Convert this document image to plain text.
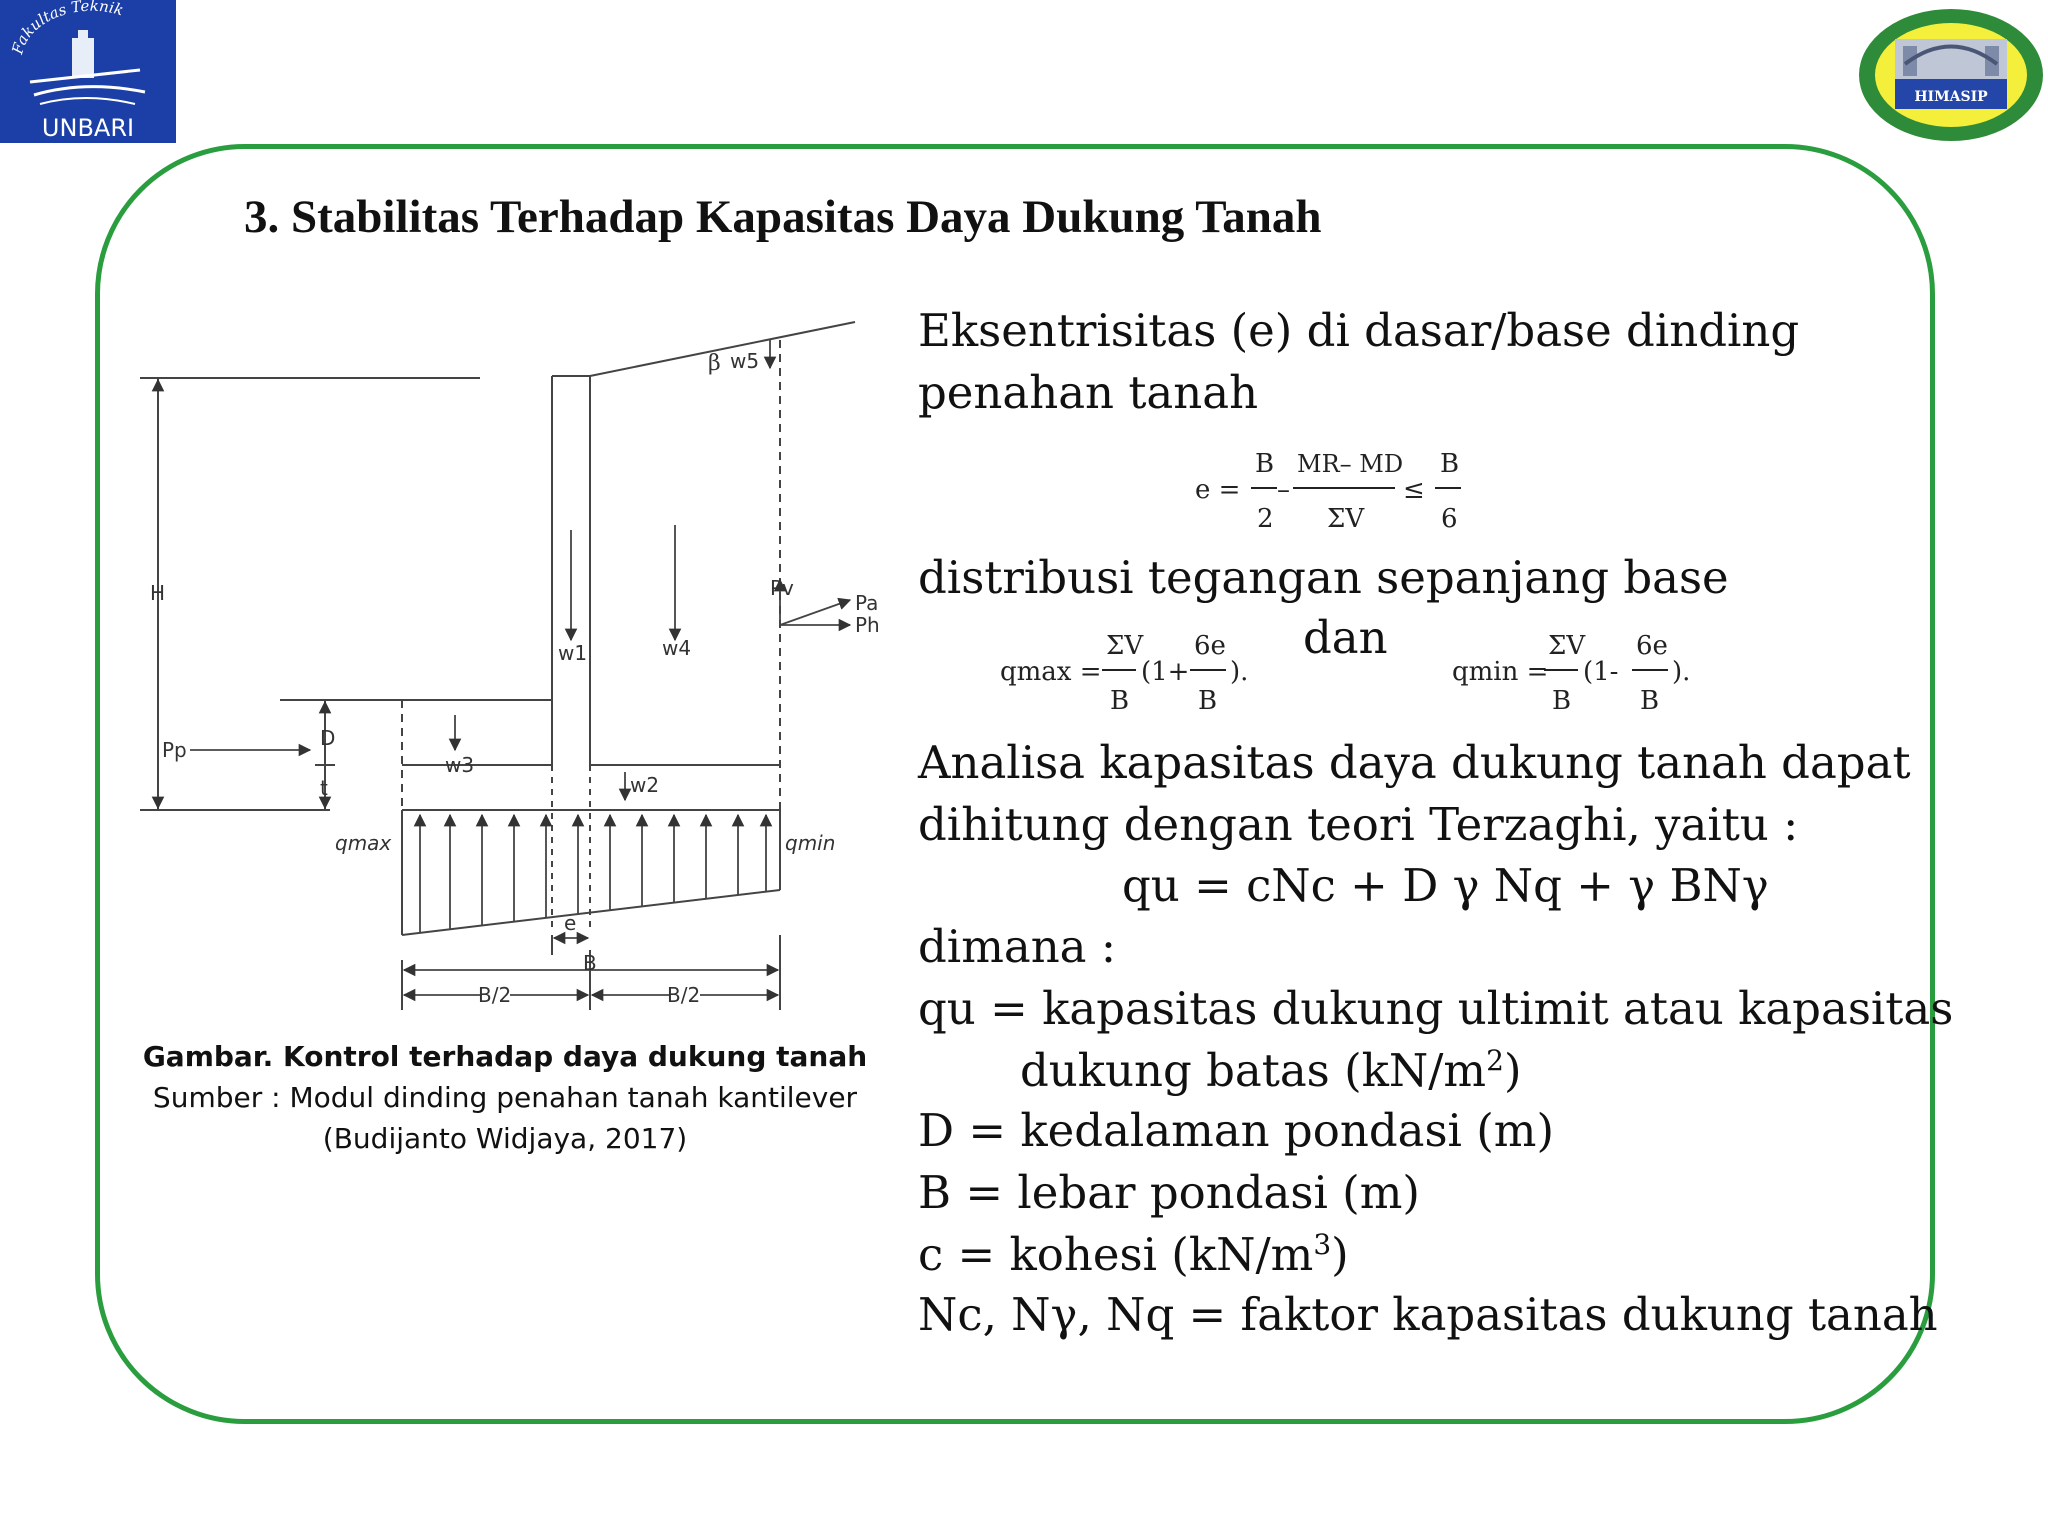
Fakultas Teknik
UNBARI
HIMASIP
3. Stabilitas Terhadap Kapasitas Daya Dukung Tanah
β w5
H	Pv
Pa
Ph
w1	w4
D
Pp
w3
w2
t
qmax	qmin
e
B
B/2	B/2
Gambar. Kontrol terhadap daya dukung tanah
Sumber : Modul dinding penahan tanah kantilever
(Budijanto Widjaya, 2017)
Eksentrisitas (e) di dasar/base dinding
penahan tanah
e =
B
2
–
MR– MD
ΣV
≤
B
6
distribusi tegangan sepanjang base
dan
qmax =
ΣV
B
(1+
6e
B
).	qmin =
ΣV
B
(1-
6e
B
).
Analisa kapasitas daya dukung tanah dapat
dihitung dengan teori Terzaghi, yaitu :
qu = cNc + D γ Nq + γ BNγ
dimana :
qu = kapasitas dukung ultimit atau kapasitas
dukung batas $(kN/m^2)$
D = kedalaman pondasi (m)
B = lebar pondasi (m)
c = kohesi $(kN/m^3)$
Nc, Nγ, Nq = faktor kapasitas dukung tanah
